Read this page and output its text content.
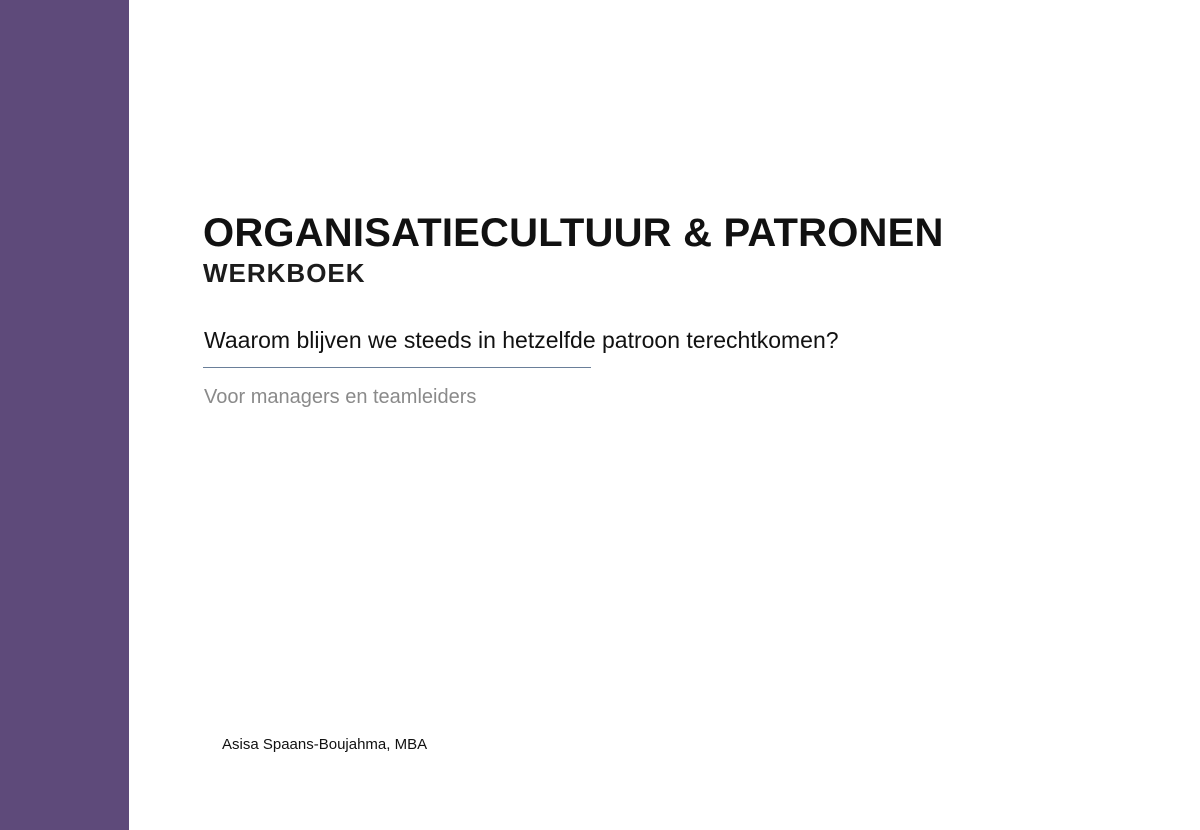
ORGANISATIECULTUUR & PATRONEN
WERKBOEK

Waarom blijven we steeds in hetzelfde patroon terechtkomen?

Voor managers en teamleiders

Asisa Spaans-Boujahma, MBA
